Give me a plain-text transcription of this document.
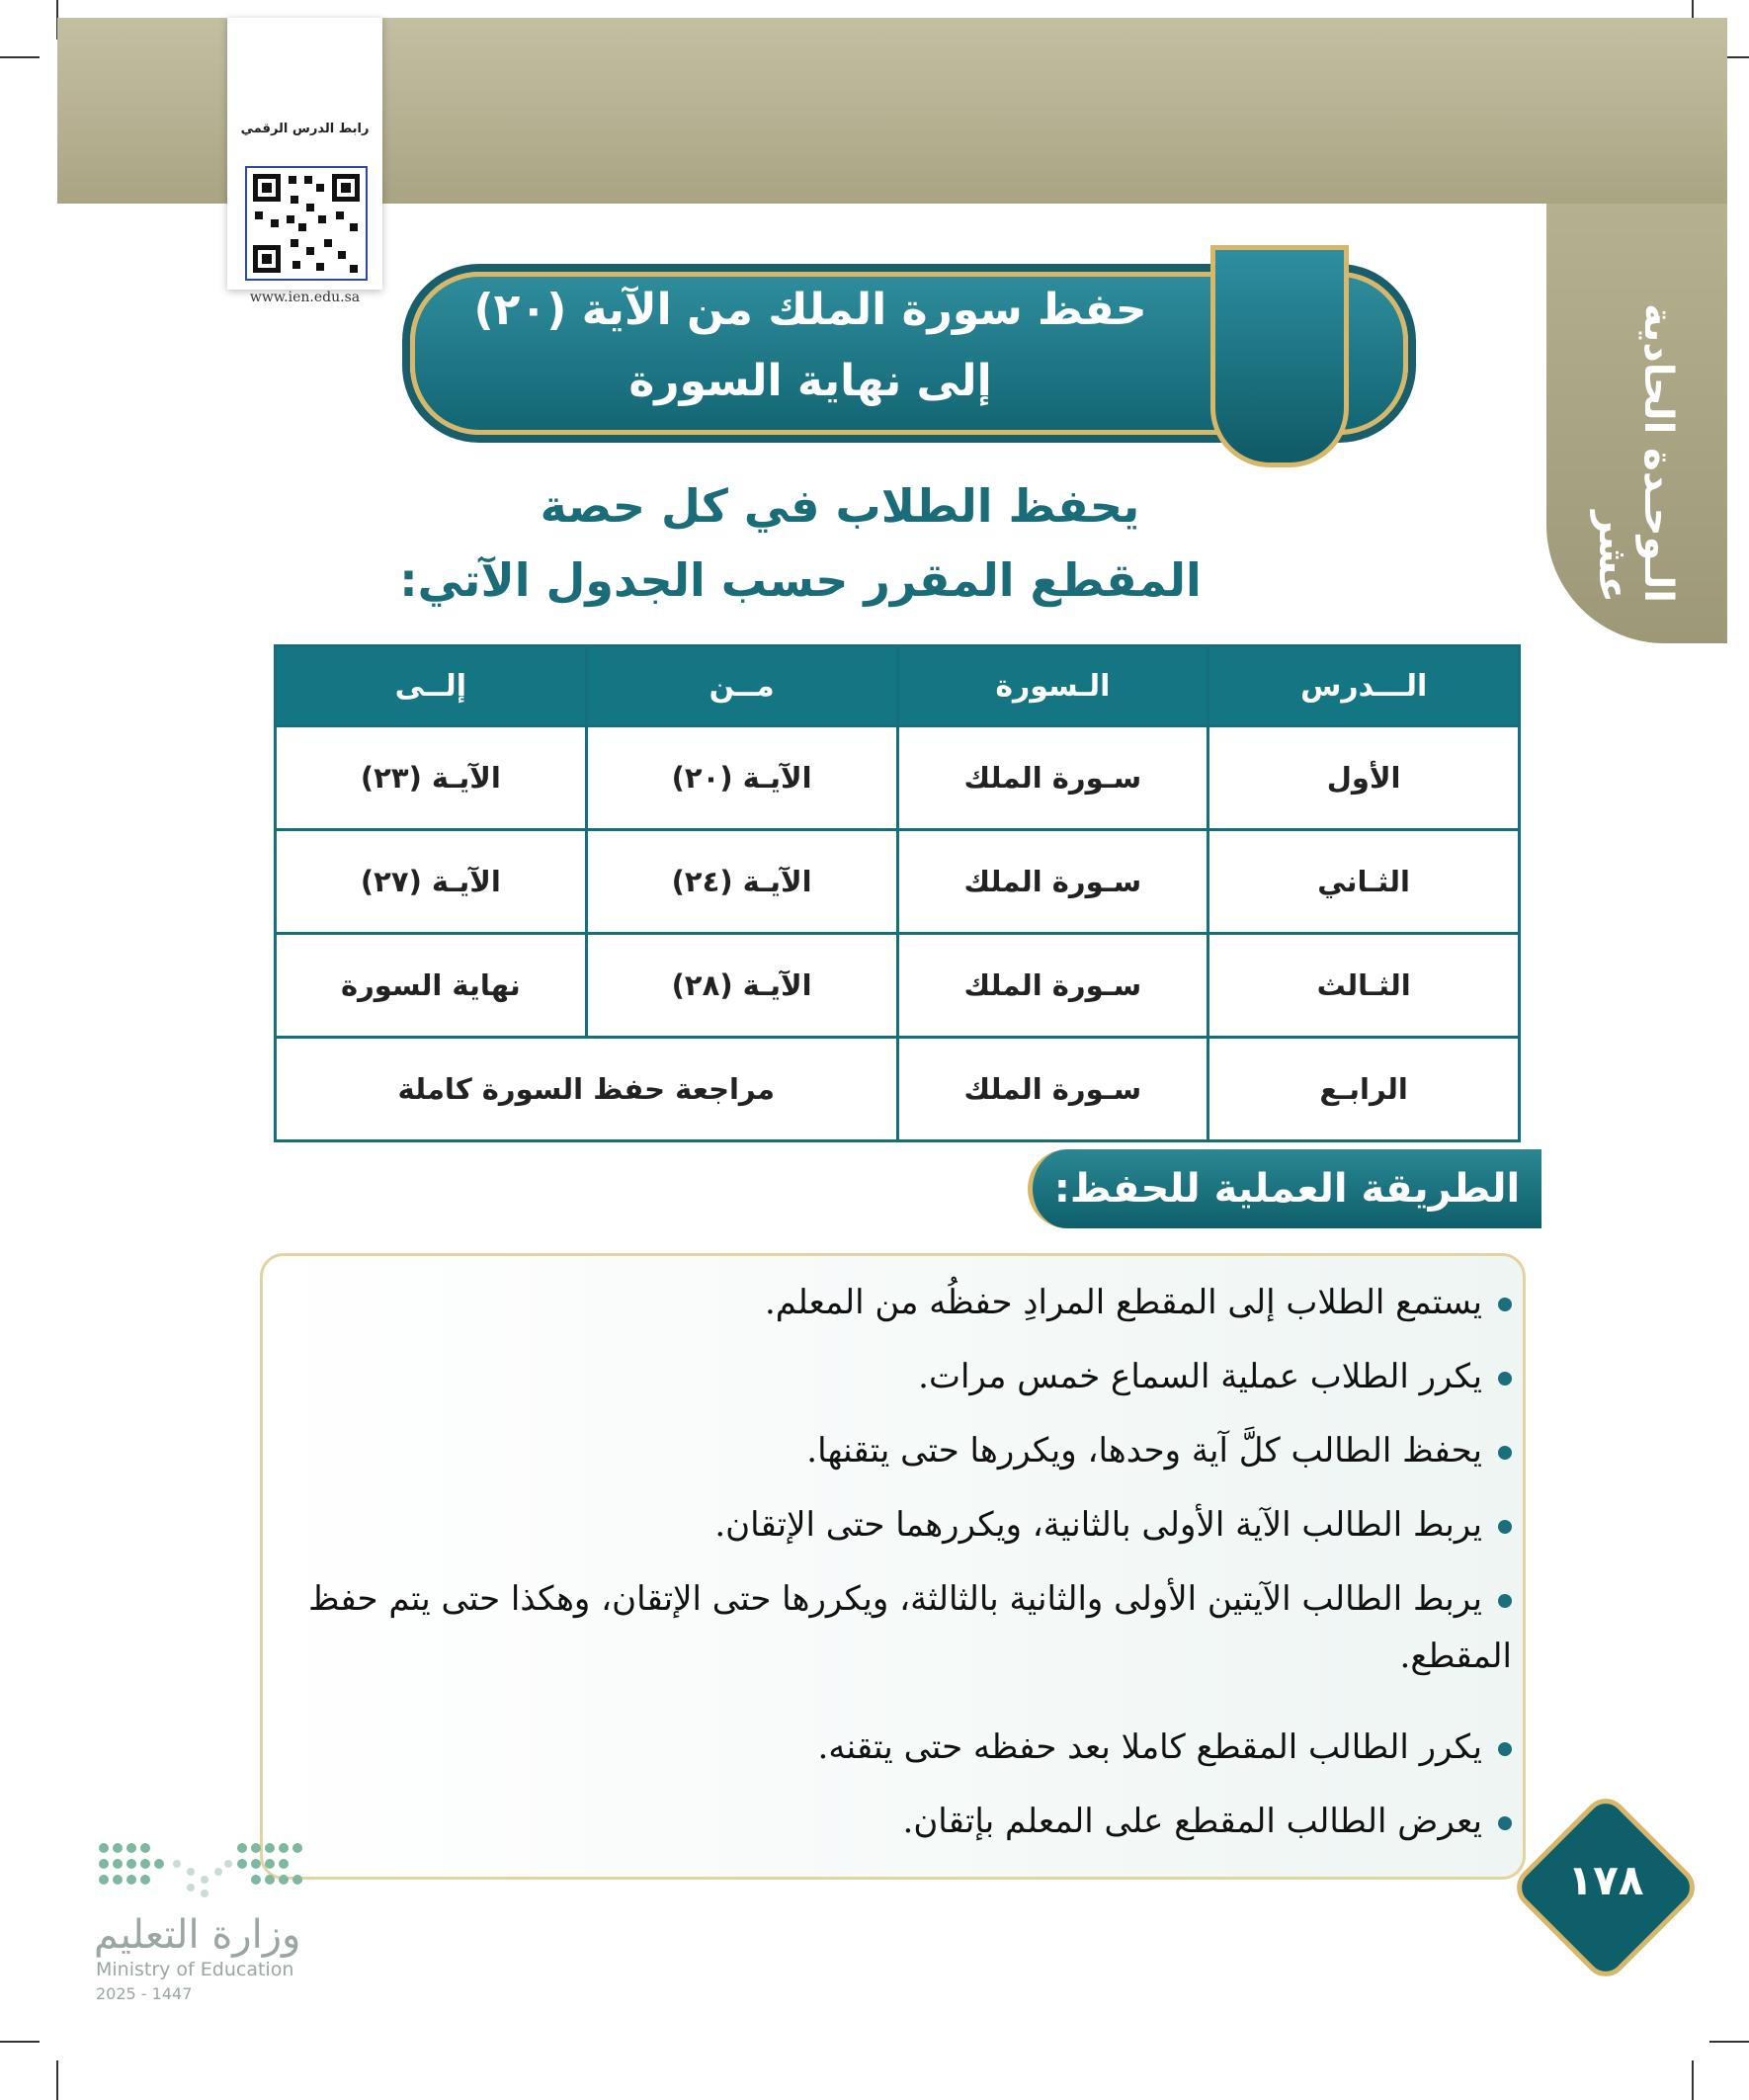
الـوحـدة الحادية عشر
رابط الدرس الرقمي
www.ien.edu.sa	حفظ سورة الملك من الآية (٢٠)
إلى نهاية السورة
يحفظ الطلاب في كل حصة
المقطع المقرر حسب الجدول الآتي:
الـــدرس	الـسورة	مــن	إلــى
الأول	سـورة الملك	الآيـة (٢٠)	الآيـة (٢٣)
الثـاني	سـورة الملك	الآيـة (٢٤)	الآيـة (٢٧)
الثـالث	سـورة الملك	الآيـة (٢٨)	نهاية السورة
الرابـع	سـورة الملك	مراجعة حفظ السورة كاملة	
الطريقة العملية للحفظ:
يستمع الطلاب إلى المقطع المرادِ حفظُه من المعلم.
يكرر الطلاب عملية السماع خمس مرات.
يحفظ الطالب كلَّ آية وحدها، ويكررها حتى يتقنها.
يربط الطالب الآية الأولى بالثانية، ويكررهما حتى الإتقان.
يربط الطالب الآيتين الأولى والثانية بالثالثة، ويكررها حتى الإتقان، وهكذا حتى يتم حفظ المقطع.
يكرر الطالب المقطع كاملا بعد حفظه حتى يتقنه.
يعرض الطالب المقطع على المعلم بإتقان.
١٧٨
وزارة التعليم
Ministry of Education
2025 - 1447
